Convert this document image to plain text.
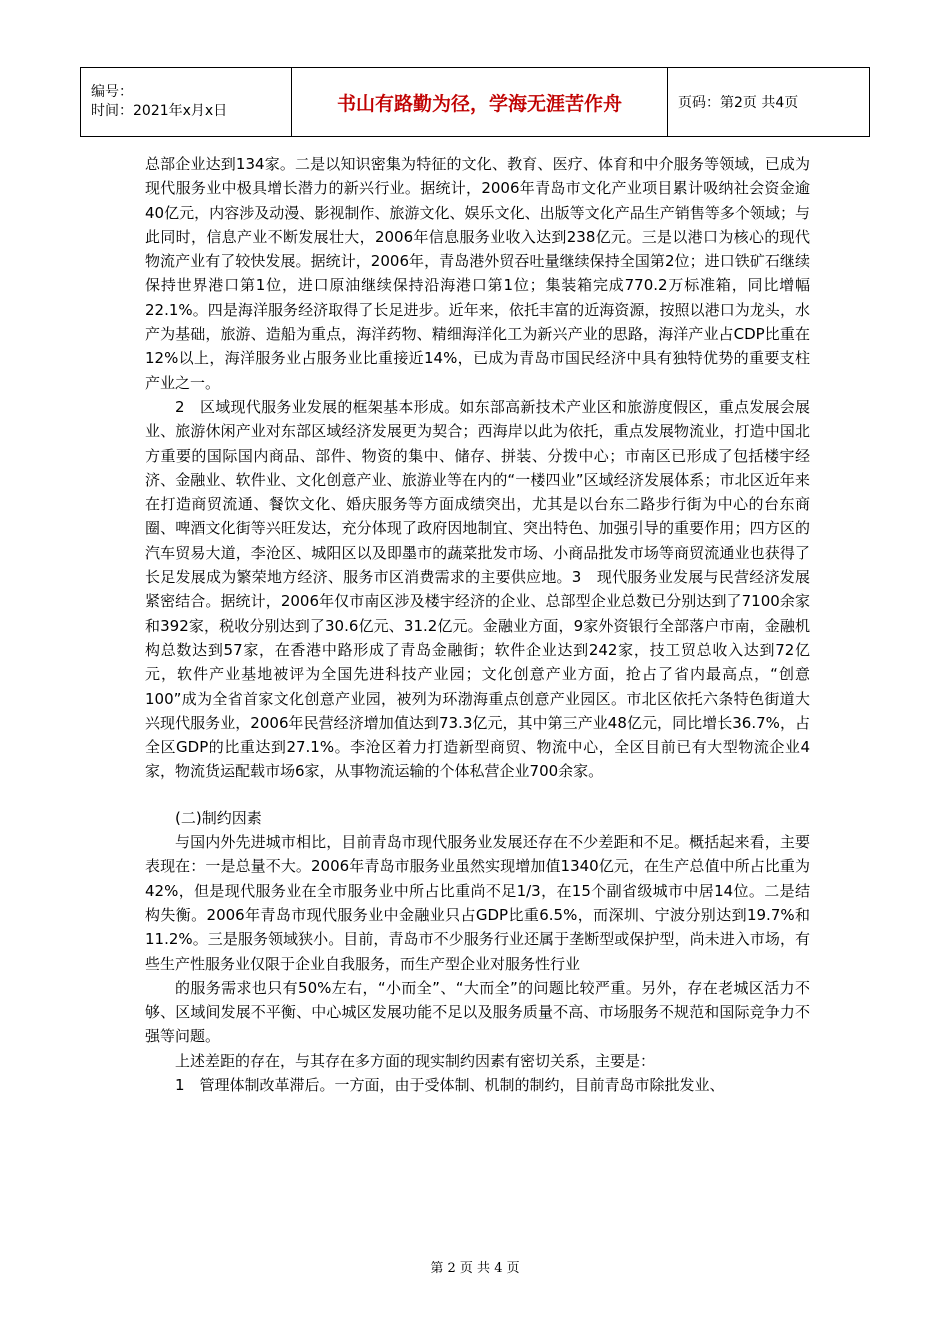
编号：
时间：2021年x月x日	书山有路勤为径，学海无涯苦作舟	页码：第2页 共4页

总部企业达到134家。二是以知识密集为特征的文化、教育、医疗、体育和中介服务等领域，已成为现代服务业中极具增长潜力的新兴行业。据统计，2006年青岛市文化产业项目累计吸纳社会资金逾40亿元，内容涉及动漫、影视制作、旅游文化、娱乐文化、出版等文化产品生产销售等多个领域；与此同时，信息产业不断发展壮大，2006年信息服务业收入达到238亿元。三是以港口为核心的现代物流产业有了较快发展。据统计，2006年，青岛港外贸吞吐量继续保持全国第2位；进口铁矿石继续保持世界港口第1位，进口原油继续保持沿海港口第1位；集装箱完成770.2万标准箱，同比增幅22.1%。四是海洋服务经济取得了长足进步。近年来，依托丰富的近海资源，按照以港口为龙头，水产为基础，旅游、造船为重点，海洋药物、精细海洋化工为新兴产业的思路，海洋产业占CDP比重在12%以上，海洋服务业占服务业比重接近14%，已成为青岛市国民经济中具有独特优势的重要支柱产业之一。

2　区域现代服务业发展的框架基本形成。如东部高新技术产业区和旅游度假区，重点发展会展业、旅游休闲产业对东部区域经济发展更为契合；西海岸以此为依托，重点发展物流业，打造中国北方重要的国际国内商品、部件、物资的集中、储存、拼装、分拨中心；市南区已形成了包括楼宇经济、金融业、软件业、文化创意产业、旅游业等在内的“一楼四业”区域经济发展体系；市北区近年来在打造商贸流通、餐饮文化、婚庆服务等方面成绩突出，尤其是以台东二路步行街为中心的台东商圈、啤酒文化街等兴旺发达，充分体现了政府因地制宜、突出特色、加强引导的重要作用；四方区的汽车贸易大道，李沧区、城阳区以及即墨市的蔬菜批发市场、小商品批发市场等商贸流通业也获得了长足发展成为繁荣地方经济、服务市区消费需求的主要供应地。3　现代服务业发展与民营经济发展紧密结合。据统计，2006年仅市南区涉及楼宇经济的企业、总部型企业总数已分别达到了7100余家和392家，税收分别达到了30.6亿元、31.2亿元。金融业方面，9家外资银行全部落户市南，金融机构总数达到57家，在香港中路形成了青岛金融街；软件企业达到242家，技工贸总收入达到72亿元，软件产业基地被评为全国先进科技产业园；文化创意产业方面，抢占了省内最高点，“创意100”成为全省首家文化创意产业园，被列为环渤海重点创意产业园区。市北区依托六条特色街道大兴现代服务业，2006年民营经济增加值达到73.3亿元，其中第三产业48亿元，同比增长36.7%，占全区GDP的比重达到27.1%。李沧区着力打造新型商贸、物流中心，全区目前已有大型物流企业4家，物流货运配载市场6家，从事物流运输的个体私营企业700余家。

(二)制约因素

与国内外先进城市相比，目前青岛市现代服务业发展还存在不少差距和不足。概括起来看，主要表现在：一是总量不大。2006年青岛市服务业虽然实现增加值1340亿元，在生产总值中所占比重为42%，但是现代服务业在全市服务业中所占比重尚不足1/3，在15个副省级城市中居14位。二是结构失衡。2006年青岛市现代服务业中金融业只占GDP比重6.5%，而深圳、宁波分别达到19.7%和11.2%。三是服务领域狭小。目前，青岛市不少服务行业还属于垄断型或保护型，尚未进入市场，有些生产性服务业仅限于企业自我服务，而生产型企业对服务性行业

的服务需求也只有50%左右，“小而全”、“大而全”的问题比较严重。另外，存在老城区活力不够、区域间发展不平衡、中心城区发展功能不足以及服务质量不高、市场服务不规范和国际竞争力不强等问题。

上述差距的存在，与其存在多方面的现实制约因素有密切关系，主要是：

1　管理体制改革滞后。一方面，由于受体制、机制的制约，目前青岛市除批发业、

第 2 页 共 4 页
